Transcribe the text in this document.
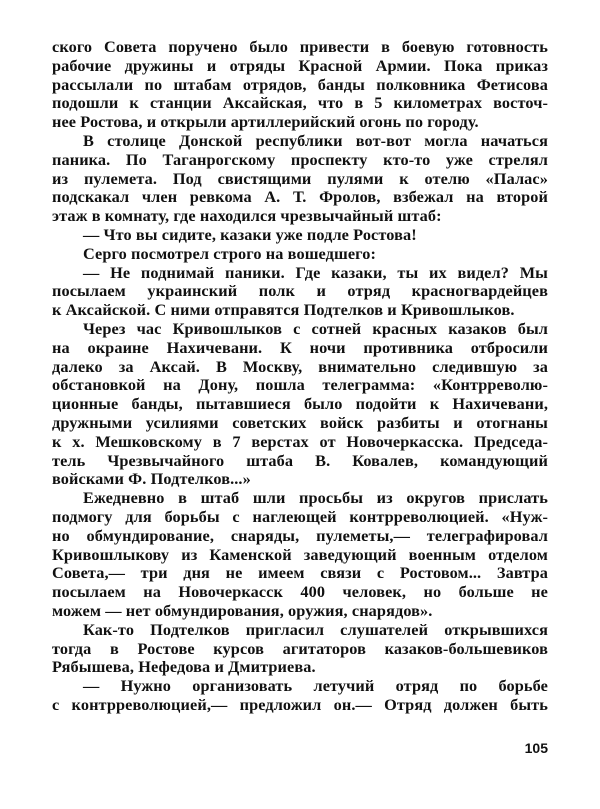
ского Совета поручено было привести в боевую готовность
рабочие дружины и отряды Красной Армии. Пока приказ
рассылали по штабам отрядов, банды полковника Фетисова
подошли к станции Аксайская, что в 5 километрах восточ-
нее Ростова, и открыли артиллерийский огонь по городу.
В столице Донской республики вот-вот могла начаться
паника. По Таганрогскому проспекту кто-то уже стрелял
из пулемета. Под свистящими пулями к отелю «Палас»
подскакал член ревкома А. Т. Фролов, взбежал на второй
этаж в комнату, где находился чрезвычайный штаб:
— Что вы сидите, казаки уже подле Ростова!
Серго посмотрел строго на вошедшего:
— Не поднимай паники. Где казаки, ты их видел? Мы
посылаем украинский полк и отряд красногвардейцев
к Аксайской. С ними отправятся Подтелков и Кривошлыков.
Через час Кривошлыков с сотней красных казаков был
на окраине Нахичевани. К ночи противника отбросили
далеко за Аксай. В Москву, внимательно следившую за
обстановкой на Дону, пошла телеграмма: «Контрреволю-
ционные банды, пытавшиеся было подойти к Нахичевани,
дружными усилиями советских войск разбиты и отогнаны
к х. Мешковскому в 7 верстах от Новочеркасска. Председа-
тель Чрезвычайного штаба В. Ковалев, командующий
войсками Ф. Подтелков...»
Ежедневно в штаб шли просьбы из округов прислать
подмогу для борьбы с наглеющей контрреволюцией. «Нуж-
но обмундирование, снаряды, пулеметы,— телеграфировал
Кривошлыкову из Каменской заведующий военным отделом
Совета,— три дня не имеем связи с Ростовом... Завтра
посылаем на Новочеркасск 400 человек, но больше не
можем — нет обмундирования, оружия, снарядов».
Как-то Подтелков пригласил слушателей открывшихся
тогда в Ростове курсов агитаторов казаков-большевиков
Рябышева, Нефедова и Дмитриева.
— Нужно организовать летучий отряд по борьбе
с контрреволюцией,— предложил он.— Отряд должен быть
105
